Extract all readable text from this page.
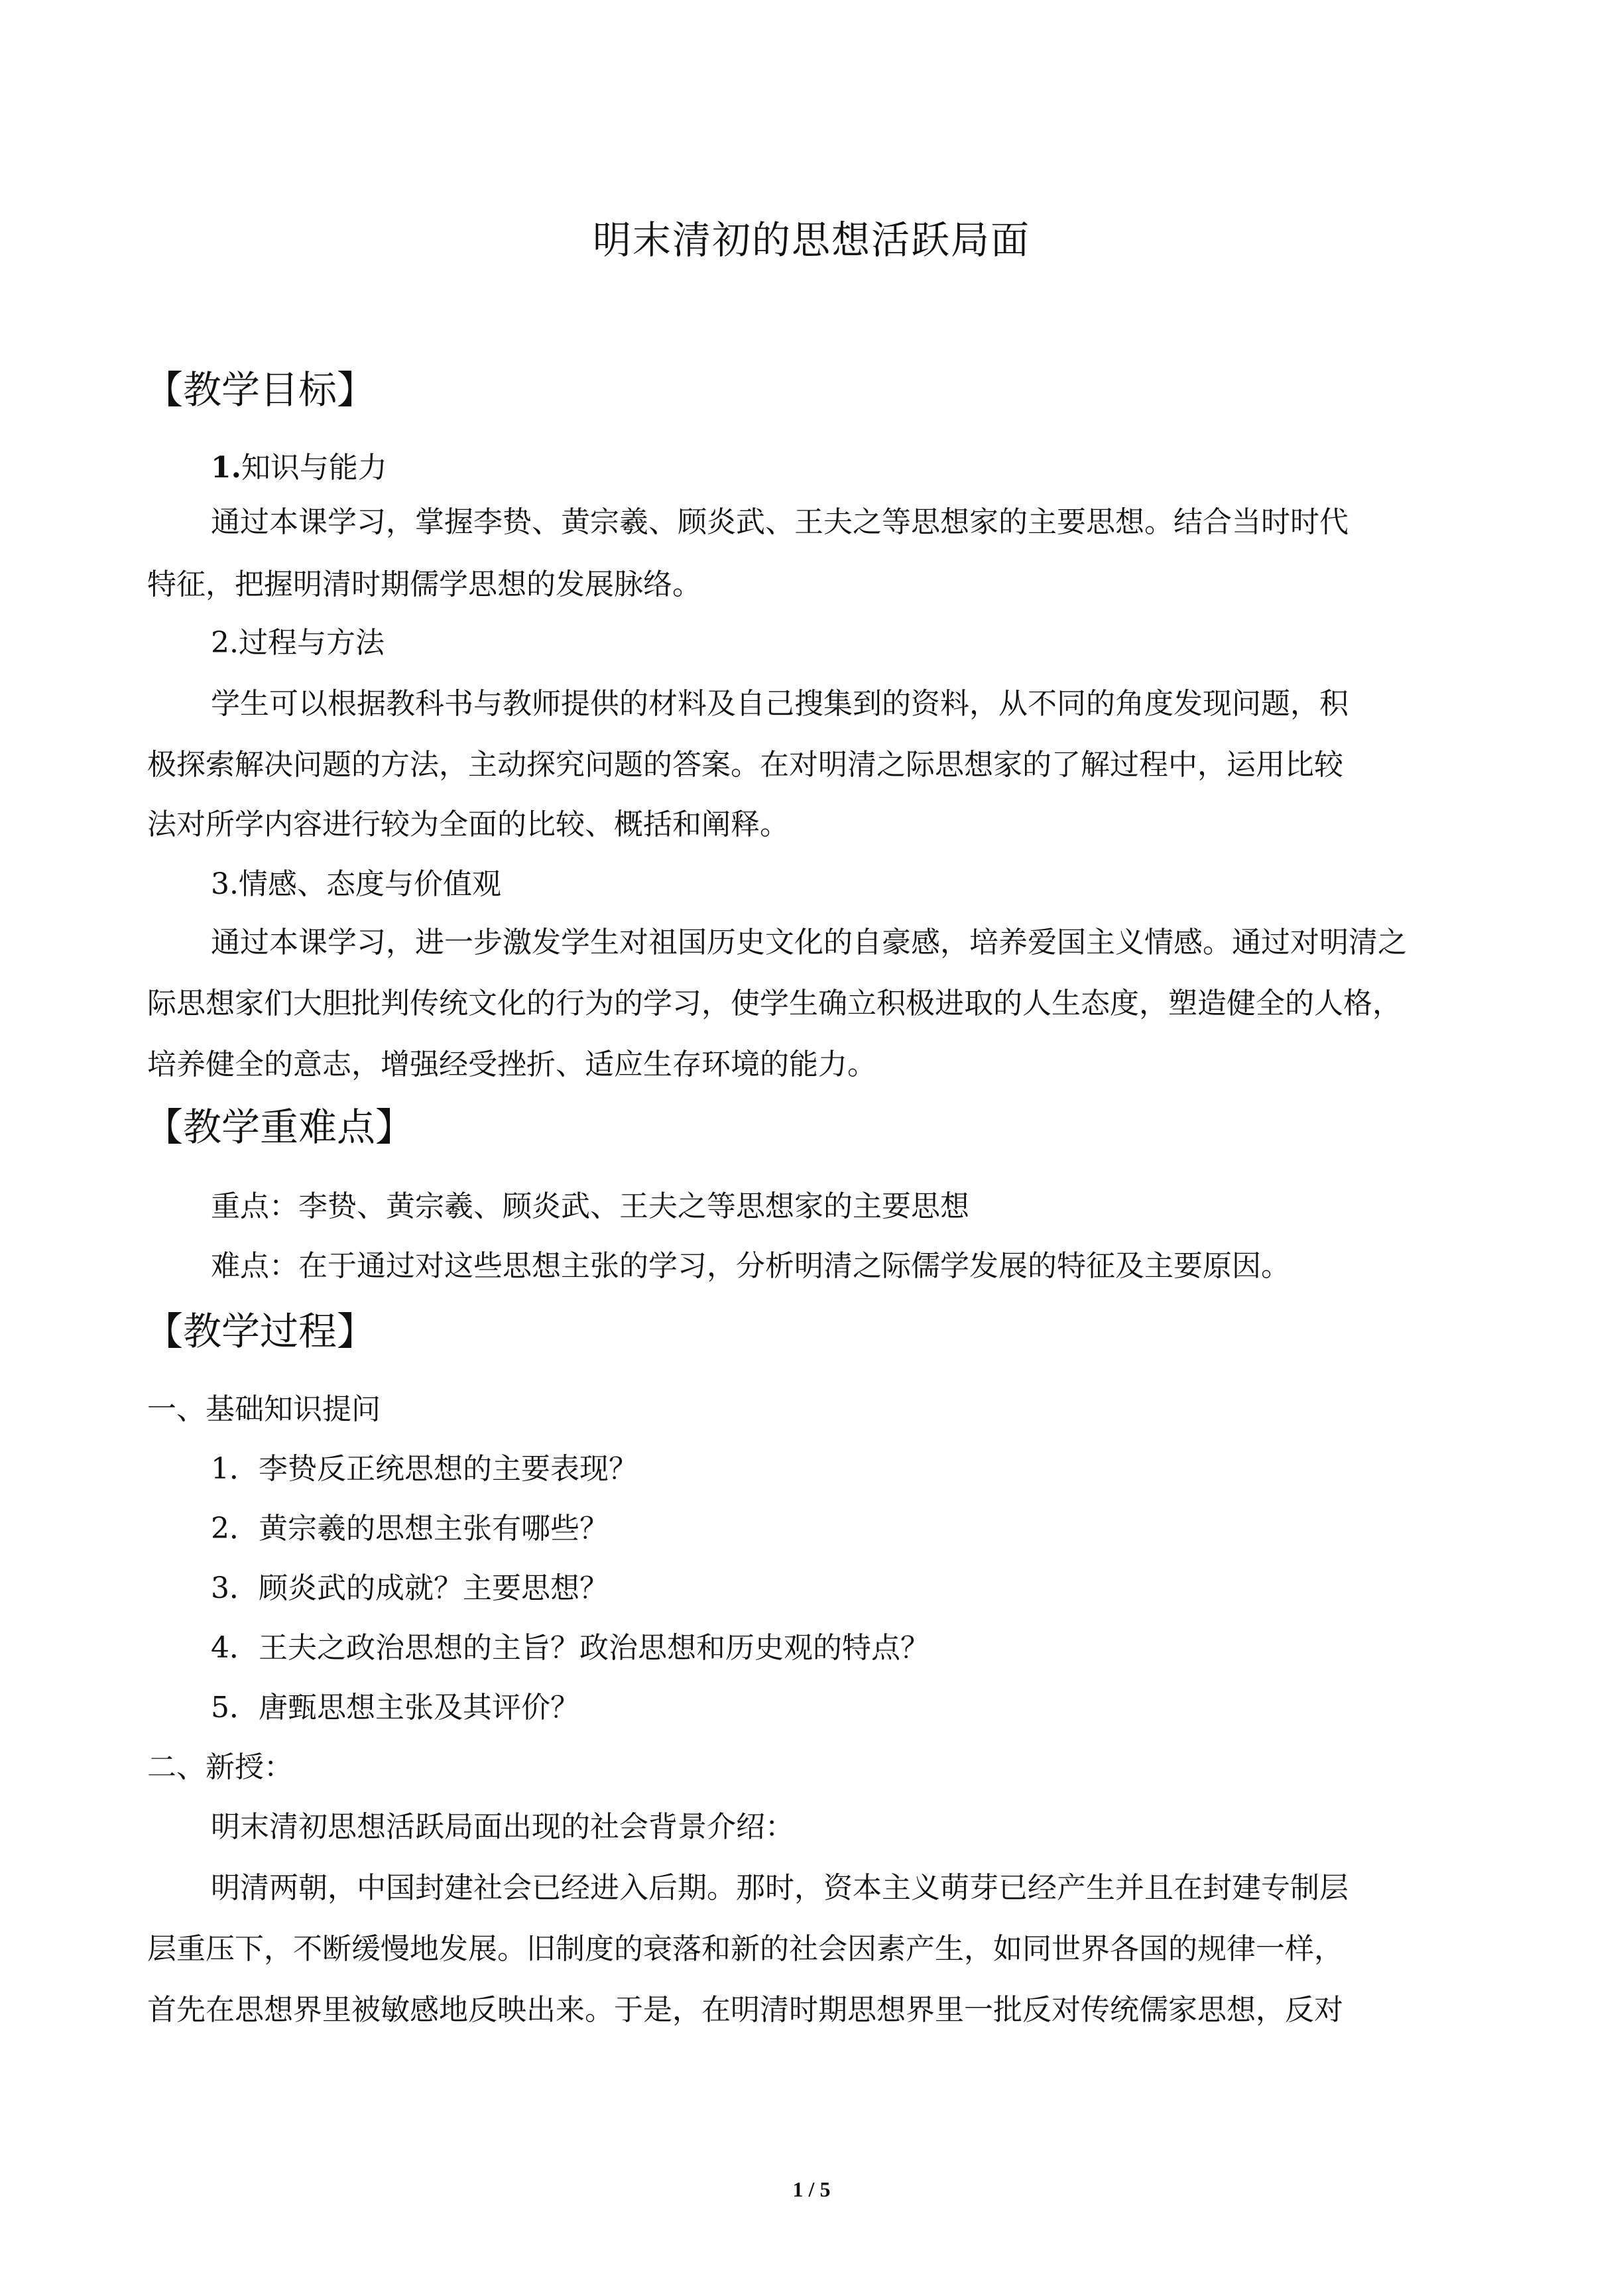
明末清初的思想活跃局面
【教学目标】
1.知识与能力
通过本课学习，掌握李贽、黄宗羲、顾炎武、王夫之等思想家的主要思想。结合当时时代
特征，把握明清时期儒学思想的发展脉络。
2.过程与方法
学生可以根据教科书与教师提供的材料及自己搜集到的资料，从不同的角度发现问题，积
极探索解决问题的方法，主动探究问题的答案。在对明清之际思想家的了解过程中，运用比较
法对所学内容进行较为全面的比较、概括和阐释。
3.情感、态度与价值观
通过本课学习，进一步激发学生对祖国历史文化的自豪感，培养爱国主义情感。通过对明清之
际思想家们大胆批判传统文化的行为的学习，使学生确立积极进取的人生态度，塑造健全的人格，
培养健全的意志，增强经受挫折、适应生存环境的能力。
【教学重难点】
重点：李贽、黄宗羲、顾炎武、王夫之等思想家的主要思想
难点：在于通过对这些思想主张的学习，分析明清之际儒学发展的特征及主要原因。
【教学过程】
一、基础知识提问
1．李贽反正统思想的主要表现？
2．黄宗羲的思想主张有哪些？
3．顾炎武的成就？主要思想？
4．王夫之政治思想的主旨？政治思想和历史观的特点？
5．唐甄思想主张及其评价？
二、新授：
明末清初思想活跃局面出现的社会背景介绍：
明清两朝，中国封建社会已经进入后期。那时，资本主义萌芽已经产生并且在封建专制层
层重压下，不断缓慢地发展。旧制度的衰落和新的社会因素产生，如同世界各国的规律一样，
首先在思想界里被敏感地反映出来。于是，在明清时期思想界里一批反对传统儒家思想，反对
1 / 5
